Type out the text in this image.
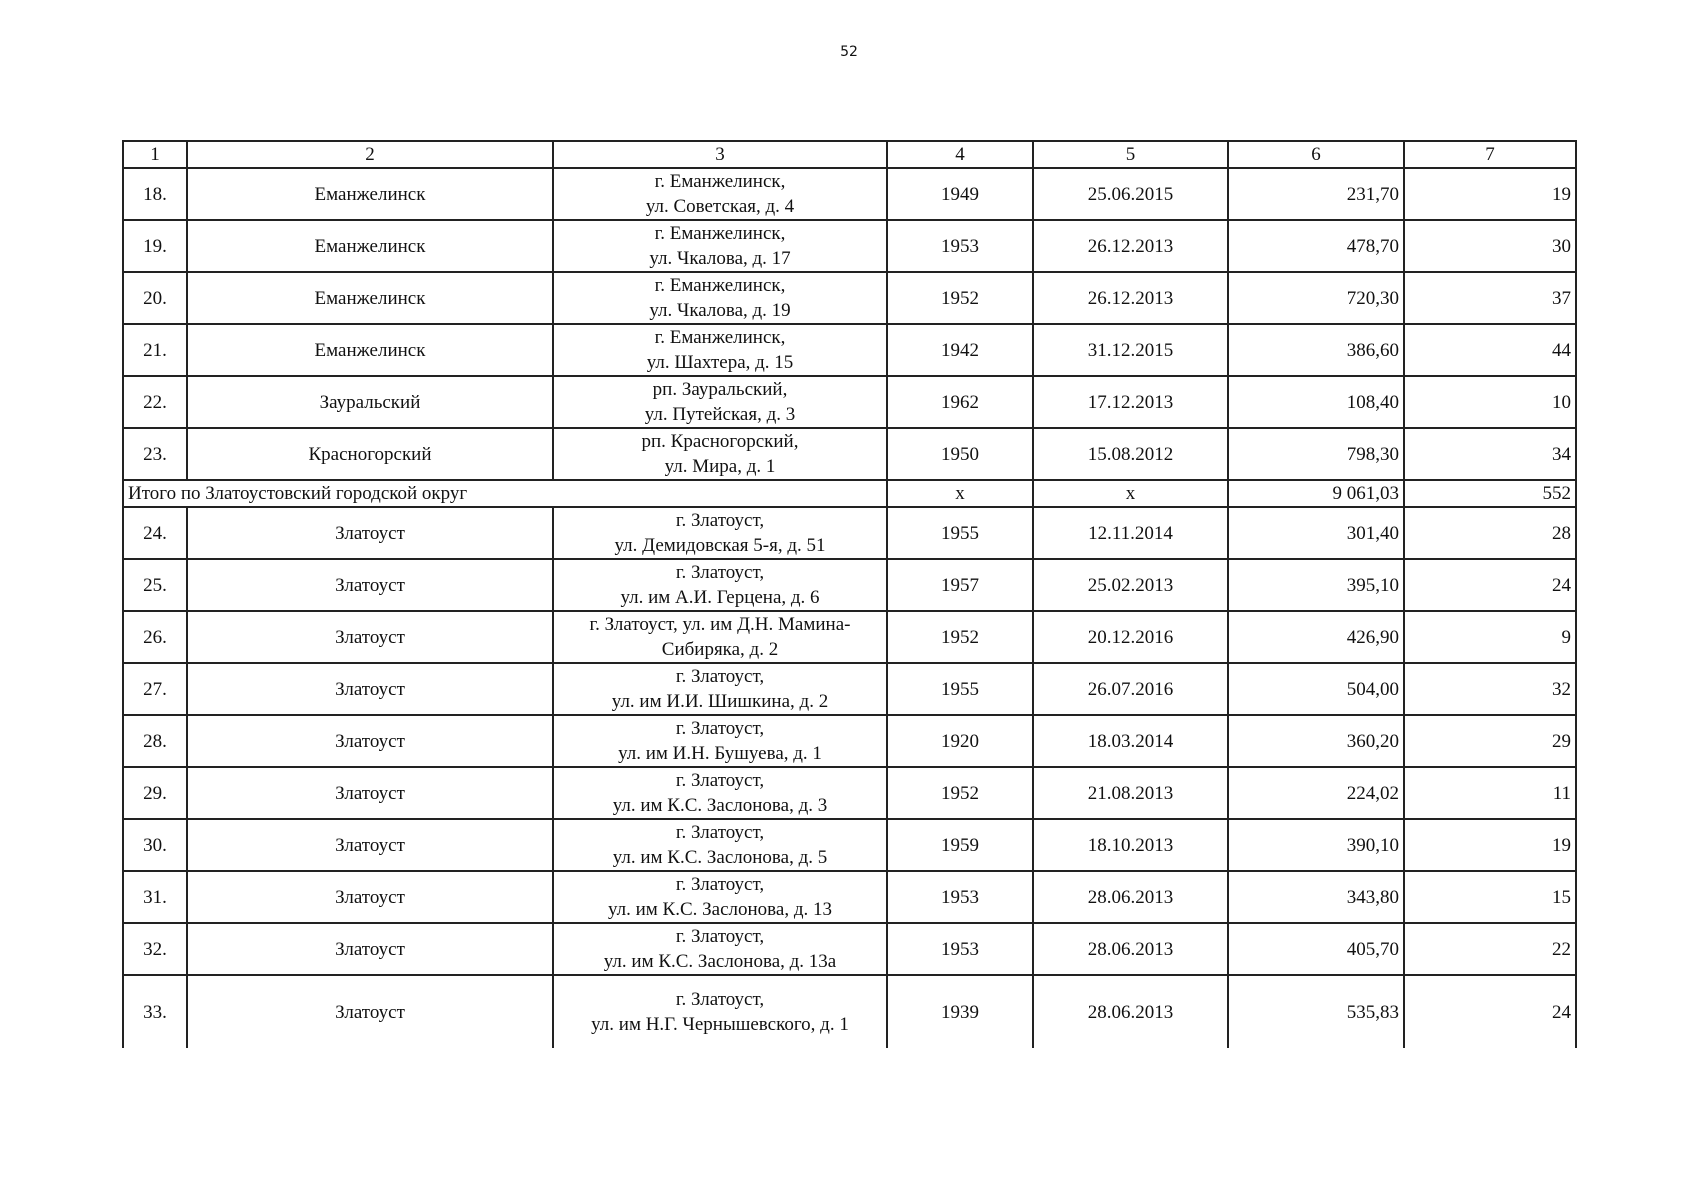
52
1	2	3	4	5	6	7
18.	Еманжелинск	г. Еманжелинск,
ул. Советская, д. 4	1949	25.06.2015	231,70	19
19.	Еманжелинск	г. Еманжелинск,
ул. Чкалова, д. 17	1953	26.12.2013	478,70	30
20.	Еманжелинск	г. Еманжелинск,
ул. Чкалова, д. 19	1952	26.12.2013	720,30	37
21.	Еманжелинск	г. Еманжелинск,
ул. Шахтера, д. 15	1942	31.12.2015	386,60	44
22.	Зауральский	рп. Зауральский,
ул. Путейская, д. 3	1962	17.12.2013	108,40	10
23.	Красногорский	рп. Красногорский,
ул. Мира, д. 1	1950	15.08.2012	798,30	34
Итого по Златоустовский городской округ			x	x	9 061,03	552
24.	Златоуст	г. Златоуст,
ул. Демидовская 5-я, д. 51	1955	12.11.2014	301,40	28
25.	Златоуст	г. Златоуст,
ул. им А.И. Герцена, д. 6	1957	25.02.2013	395,10	24
26.	Златоуст	г. Златоуст, ул. им Д.Н. Мамина-
Сибиряка, д. 2	1952	20.12.2016	426,90	9
27.	Златоуст	г. Златоуст,
ул. им И.И. Шишкина, д. 2	1955	26.07.2016	504,00	32
28.	Златоуст	г. Златоуст,
ул. им И.Н. Бушуева, д. 1	1920	18.03.2014	360,20	29
29.	Златоуст	г. Златоуст,
ул. им К.С. Заслонова, д. 3	1952	21.08.2013	224,02	11
30.	Златоуст	г. Златоуст,
ул. им К.С. Заслонова, д. 5	1959	18.10.2013	390,10	19
31.	Златоуст	г. Златоуст,
ул. им К.С. Заслонова, д. 13	1953	28.06.2013	343,80	15
32.	Златоуст	г. Златоуст,
ул. им К.С. Заслонова, д. 13а	1953	28.06.2013	405,70	22
33.	Златоуст	г. Златоуст,
ул. им Н.Г. Чернышевского, д. 1	1939	28.06.2013	535,83	24
